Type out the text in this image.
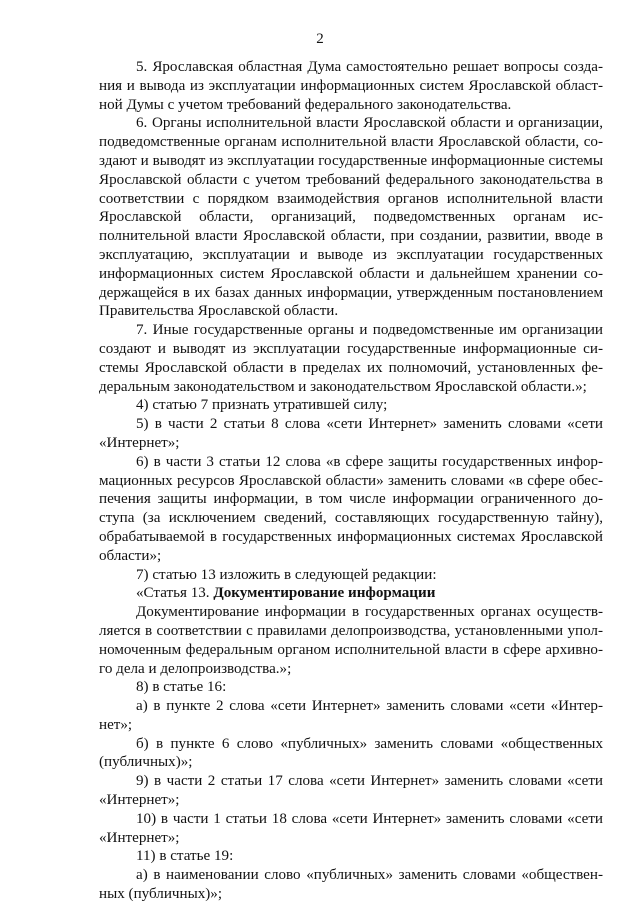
2

5. Ярославская областная Дума самостоятельно решает вопросы создания и вывода из эксплуатации информационных систем Ярославской областной Думы с учетом требований федерального законодательства.

6. Органы исполнительной власти Ярославской области и организации, подведомственные органам исполнительной власти Ярославской области, создают и выводят из эксплуатации государственные информационные системы Ярославской области с учетом требований федерального законодательства в соответствии с порядком взаимодействия органов исполнительной власти Ярославской области, организаций, подведомственных органам исполнительной власти Ярославской области, при создании, развитии, вводе в эксплуатацию, эксплуатации и выводе из эксплуатации государственных информационных систем Ярославской области и дальнейшем хранении содержащейся в их базах данных информации, утвержденным постановлением Правительства Ярославской области.

7. Иные государственные органы и подведомственные им организации создают и выводят из эксплуатации государственные информационные системы Ярославской области в пределах их полномочий, установленных федеральным законодательством и законодательством Ярославской области.»;

4) статью 7 признать утратившей силу;

5) в части 2 статьи 8 слова «сети Интернет» заменить словами «сети «Интернет»;

6) в части 3 статьи 12 слова «в сфере защиты государственных информационных ресурсов Ярославской области» заменить словами «в сфере обеспечения защиты информации, в том числе информации ограниченного доступа (за исключением сведений, составляющих государственную тайну), обрабатываемой в государственных информационных системах Ярославской области»;

7) статью 13 изложить в следующей редакции:

«Статья 13. Документирование информации

Документирование информации в государственных органах осуществляется в соответствии с правилами делопроизводства, установленными уполномоченным федеральным органом исполнительной власти в сфере архивного дела и делопроизводства.»;

8) в статье 16:

а) в пункте 2 слова «сети Интернет» заменить словами «сети «Интернет»;

б) в пункте 6 слово «публичных» заменить словами «общественных (публичных)»;

9) в части 2 статьи 17 слова «сети Интернет» заменить словами «сети «Интернет»;

10) в части 1 статьи 18 слова «сети Интернет» заменить словами «сети «Интернет»;

11) в статье 19:

а) в наименовании слово «публичных» заменить словами «общественных (публичных)»;
